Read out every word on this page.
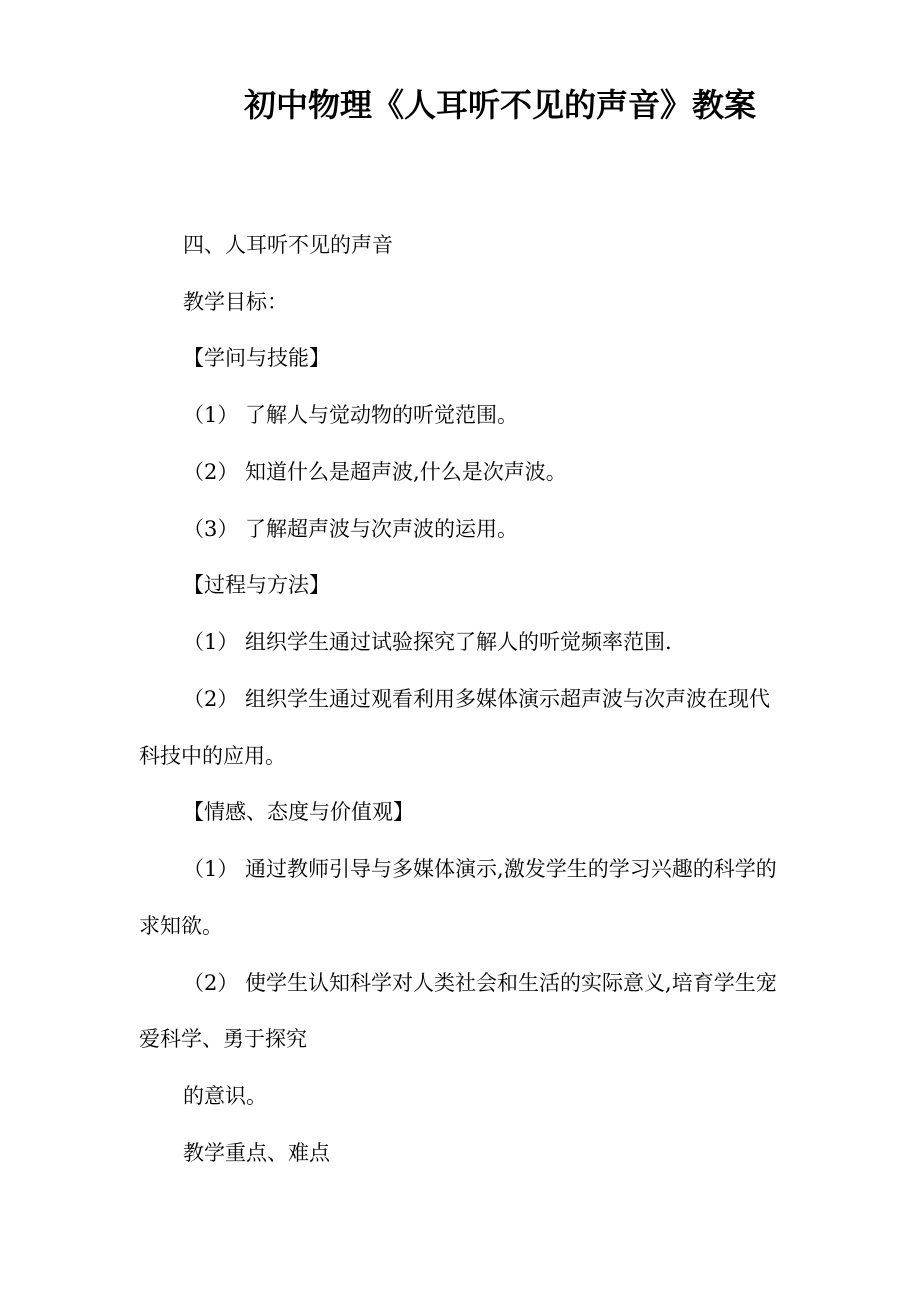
初中物理《人耳听不见的声音》教案
四、人耳听不见的声音
教学目标：
【学问与技能】
（1） 了解人与觉动物的听觉范围。
（2） 知道什么是超声波,什么是次声波。
（3） 了解超声波与次声波的运用。
【过程与方法】
（1） 组织学生通过试验探究了解人的听觉频率范围.
（2） 组织学生通过观看利用多媒体演示超声波与次声波在现代
科技中的应用。
【情感、态度与价值观】
（1） 通过教师引导与多媒体演示,激发学生的学习兴趣的科学的
求知欲。
（2） 使学生认知科学对人类社会和生活的实际意义,培育学生宠
爱科学、勇于探究
的意识。
教学重点、难点
